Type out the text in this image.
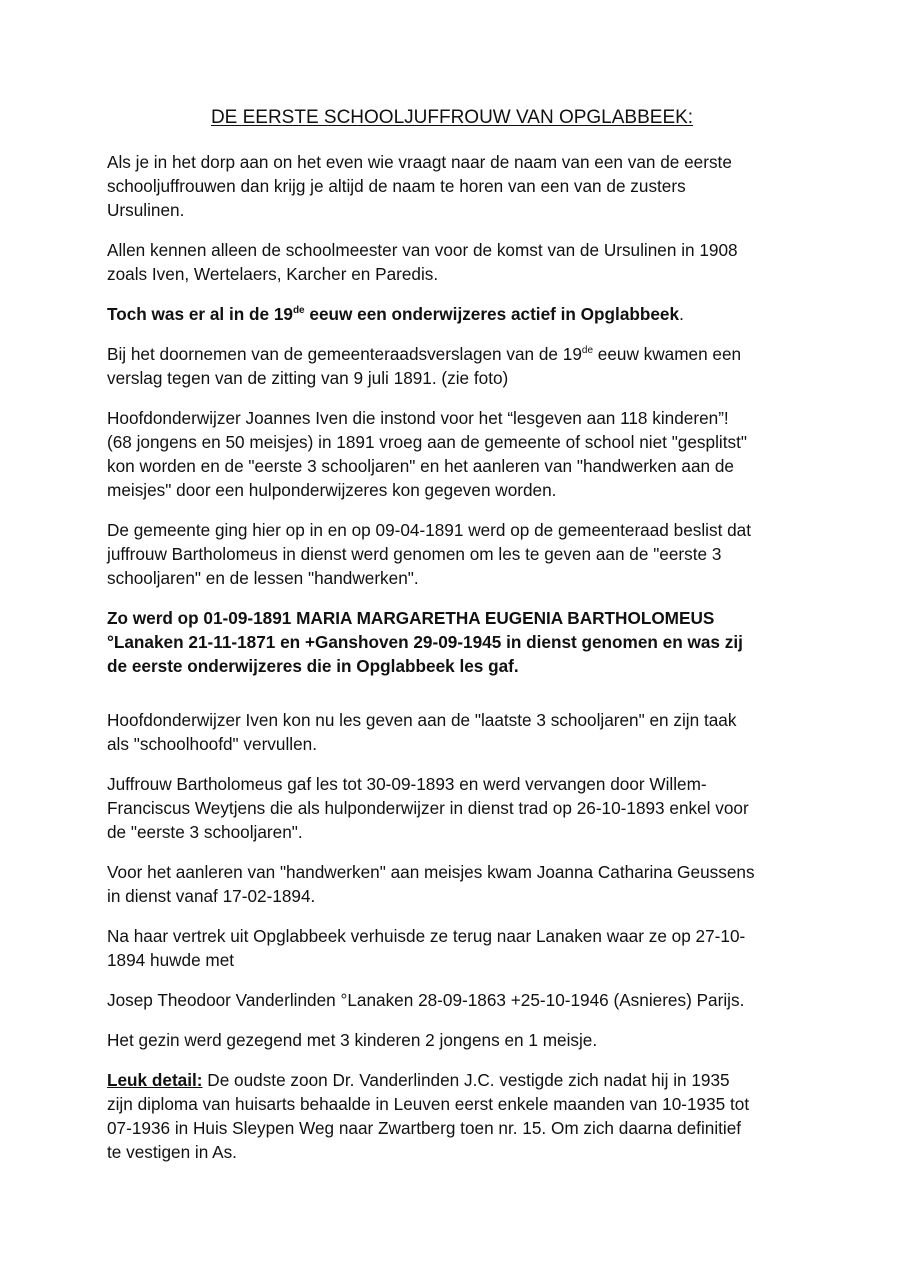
DE EERSTE SCHOOLJUFFROUW VAN OPGLABBEEK:

Als je in het dorp aan on het even wie vraagt naar de naam van een van de eerste
schooljuffrouwen dan krijg je altijd de naam te horen van een van de zusters
Ursulinen.

Allen kennen alleen de schoolmeester van voor de komst van de Ursulinen in 1908
zoals Iven, Wertelaers, Karcher en Paredis.

Toch was er al in de 19de eeuw een onderwijzeres actief in Opglabbeek.

Bij het doornemen van de gemeenteraadsverslagen van de 19de eeuw kwamen een
verslag tegen van de zitting van 9 juli 1891. (zie foto)

Hoofdonderwijzer Joannes Iven die instond voor het “lesgeven aan 118 kinderen”!
(68 jongens en 50 meisjes) in 1891 vroeg aan de gemeente of school niet "gesplitst"
kon worden en de "eerste 3 schooljaren" en het aanleren van "handwerken aan de
meisjes" door een hulponderwijzeres kon gegeven worden.

De gemeente ging hier op in en op 09-04-1891 werd op de gemeenteraad beslist dat
juffrouw Bartholomeus in dienst werd genomen om les te geven aan de "eerste 3
schooljaren" en de lessen "handwerken".

Zo werd op 01-09-1891 MARIA MARGARETHA EUGENIA BARTHOLOMEUS
°Lanaken 21-11-1871 en +Ganshoven 29-09-1945 in dienst genomen en was zij
de eerste onderwijzeres die in Opglabbeek les gaf.

Hoofdonderwijzer Iven kon nu les geven aan de "laatste 3 schooljaren" en zijn taak
als "schoolhoofd" vervullen.

Juffrouw Bartholomeus gaf les tot 30-09-1893 en werd vervangen door Willem-
Franciscus Weytjens die als hulponderwijzer in dienst trad op 26-10-1893 enkel voor
de "eerste 3 schooljaren".

Voor het aanleren van "handwerken" aan meisjes kwam Joanna Catharina Geussens
in dienst vanaf 17-02-1894.

Na haar vertrek uit Opglabbeek verhuisde ze terug naar Lanaken waar ze op 27-10-
1894 huwde met

Josep Theodoor Vanderlinden °Lanaken 28-09-1863 +25-10-1946 (Asnieres) Parijs.

Het gezin werd gezegend met 3 kinderen 2 jongens en 1 meisje.

Leuk detail: De oudste zoon Dr. Vanderlinden J.C. vestigde zich nadat hij in 1935
zijn diploma van huisarts behaalde in Leuven eerst enkele maanden van 10-1935 tot
07-1936 in Huis Sleypen Weg naar Zwartberg toen nr. 15. Om zich daarna definitief
te vestigen in As.
